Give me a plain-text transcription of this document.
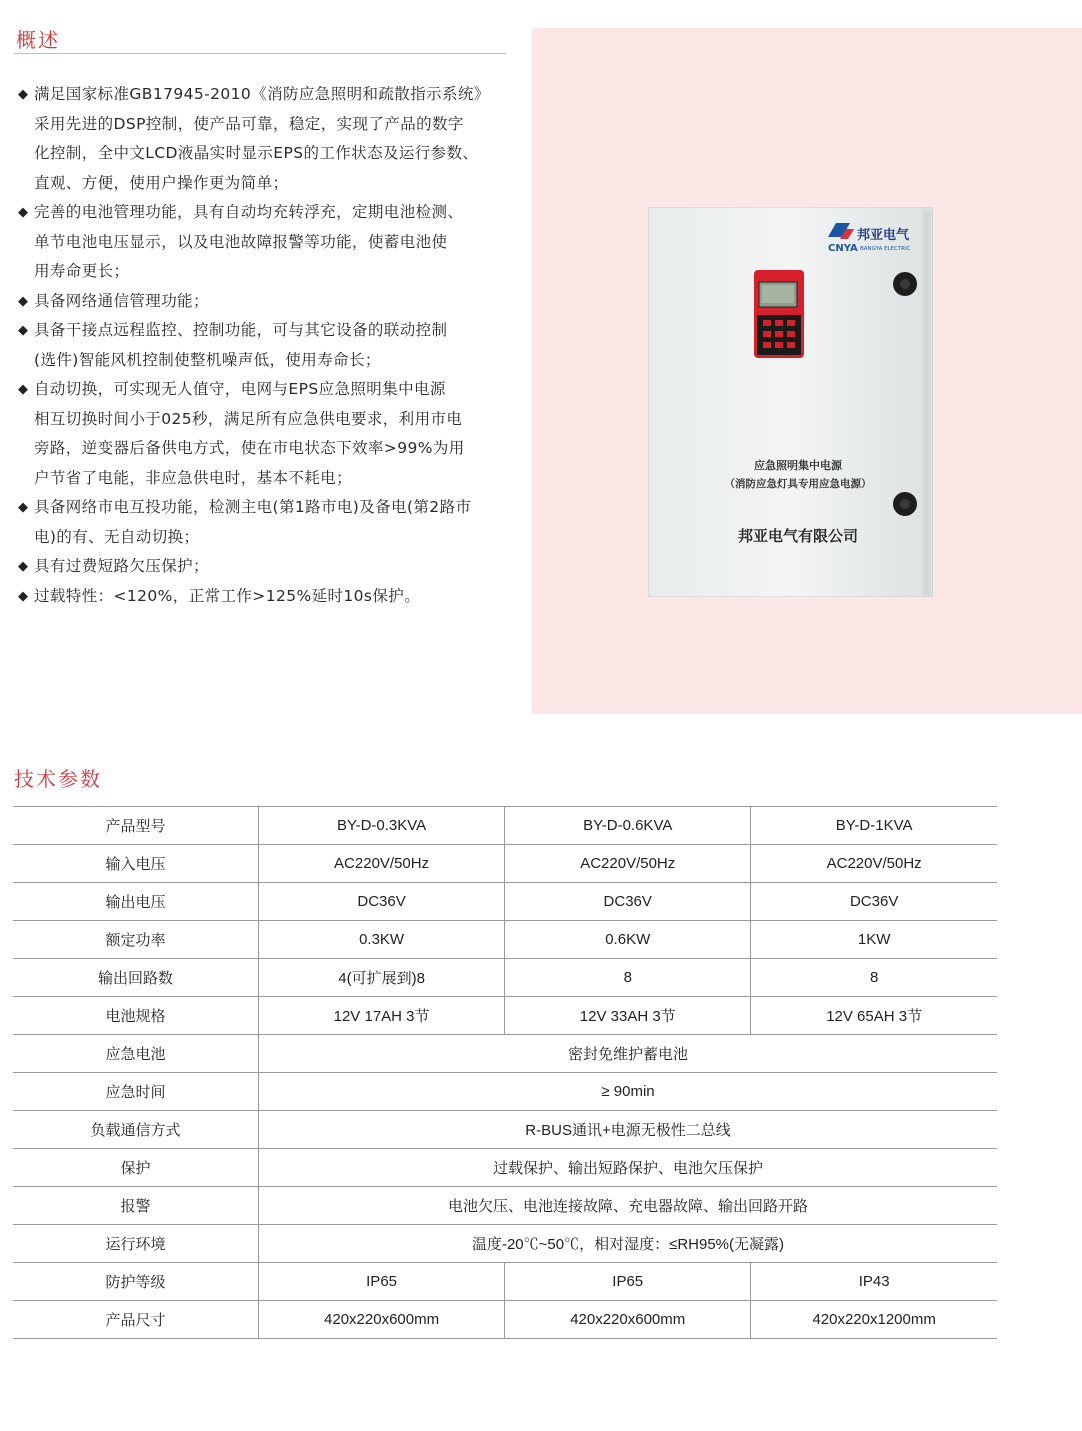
概述
◆ 满足国家标准GB17945-2010《消防应急照明和疏散指示系统》
采用先进的DSP控制，使产品可靠，稳定，实现了产品的数字
化控制，全中文LCD液晶实时显示EPS的工作状态及运行参数、
直观、方便，使用户操作更为简单；
◆ 完善的电池管理功能，具有自动均充转浮充，定期电池检测、
单节电池电压显示，以及电池故障报警等功能，使蓄电池使
用寿命更长；
◆ 具备网络通信管理功能；
◆ 具备干接点远程监控、控制功能，可与其它设备的联动控制
(选件)智能风机控制使整机噪声低，使用寿命长；
◆ 自动切换，可实现无人值守，电网与EPS应急照明集中电源
相互切换时间小于025秒，满足所有应急供电要求，利用市电
旁路，逆变器后备供电方式，使在市电状态下效率>99%为用
户节省了电能，非应急供电时，基本不耗电；
◆ 具备网络市电互投功能，检测主电(第1路市电)及备电(第2路市
电)的有、无自动切换；
◆ 具有过费短路欠压保护；
◆ 过载特性：<120%，正常工作>125%延时10s保护。
邦亚电气
CNYA BANGYA ELECTRIC
应急照明集中电源
（消防应急灯具专用应急电源）
邦亚电气有限公司
技术参数
产品型号	BY-D-0.3KVA	BY-D-0.6KVA	BY-D-1KVA
输入电压	AC220V/50Hz	AC220V/50Hz	AC220V/50Hz
输出电压	DC36V	DC36V	DC36V
额定功率	0.3KW	0.6KW	1KW
输出回路数	4(可扩展到)8	8	8
电池规格	12V 17AH 3节	12V 33AH 3节	12V 65AH 3节
应急电池	密封免维护蓄电池		
应急时间	≥ 90min		
负载通信方式	R-BUS通讯+电源无极性二总线		
保护	过载保护、输出短路保护、电池欠压保护		
报警	电池欠压、电池连接故障、充电器故障、输出回路开路		
运行环境	温度-20℃~50℃，相对湿度：≤RH95%(无凝露)		
防护等级	IP65	IP65	IP43
产品尺寸	420x220x600mm	420x220x600mm	420x220x1200mm
